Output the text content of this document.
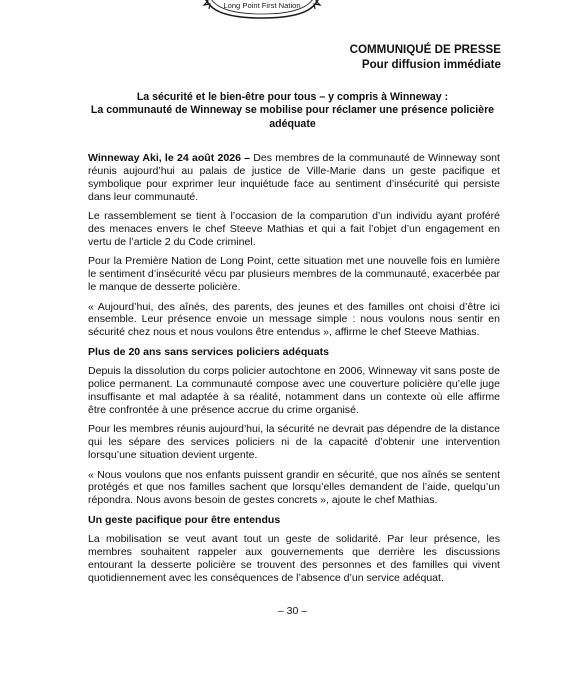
Long Point First Nation
COMMUNIQUÉ DE PRESSE
Pour diffusion immédiate
La sécurité et le bien-être pour tous – y compris à Winneway :
La communauté de Winneway se mobilise pour réclamer une présence policière adéquate

Winneway Aki, le 24 août 2026 – Des membres de la communauté de Winneway sont réunis aujourd’hui au palais de justice de Ville-Marie dans un geste pacifique et symbolique pour exprimer leur inquiétude face au sentiment d’insécurité qui persiste dans leur communauté.

Le rassemblement se tient à l’occasion de la comparution d’un individu ayant proféré des menaces envers le chef Steeve Mathias et qui a fait l’objet d’un engagement en vertu de l’article 2 du Code criminel.

Pour la Première Nation de Long Point, cette situation met une nouvelle fois en lumière le sentiment d’insécurité vécu par plusieurs membres de la communauté, exacerbée par le manque de desserte policière.

« Aujourd’hui, des aînés, des parents, des jeunes et des familles ont choisi d’être ici ensemble. Leur présence envoie un message simple : nous voulons nous sentir en sécurité chez nous et nous voulons être entendus », affirme le chef Steeve Mathias.

Plus de 20 ans sans services policiers adéquats

Depuis la dissolution du corps policier autochtone en 2006, Winneway vit sans poste de police permanent. La communauté compose avec une couverture policière qu’elle juge insuffisante et mal adaptée à sa réalité, notamment dans un contexte où elle affirme être confrontée à une présence accrue du crime organisé.

Pour les membres réunis aujourd’hui, la sécurité ne devrait pas dépendre de la distance qui les sépare des services policiers ni de la capacité d’obtenir une intervention lorsqu’une situation devient urgente.

« Nous voulons que nos enfants puissent grandir en sécurité, que nos aînés se sentent protégés et que nos familles sachent que lorsqu’elles demandent de l’aide, quelqu’un répondra. Nous avons besoin de gestes concrets », ajoute le chef Mathias.

Un geste pacifique pour être entendus

La mobilisation se veut avant tout un geste de solidarité. Par leur présence, les membres souhaitent rappeler aux gouvernements que derrière les discussions entourant la desserte policière se trouvent des personnes et des familles qui vivent quotidiennement avec les conséquences de l’absence d’un service adéquat.

– 30 –
